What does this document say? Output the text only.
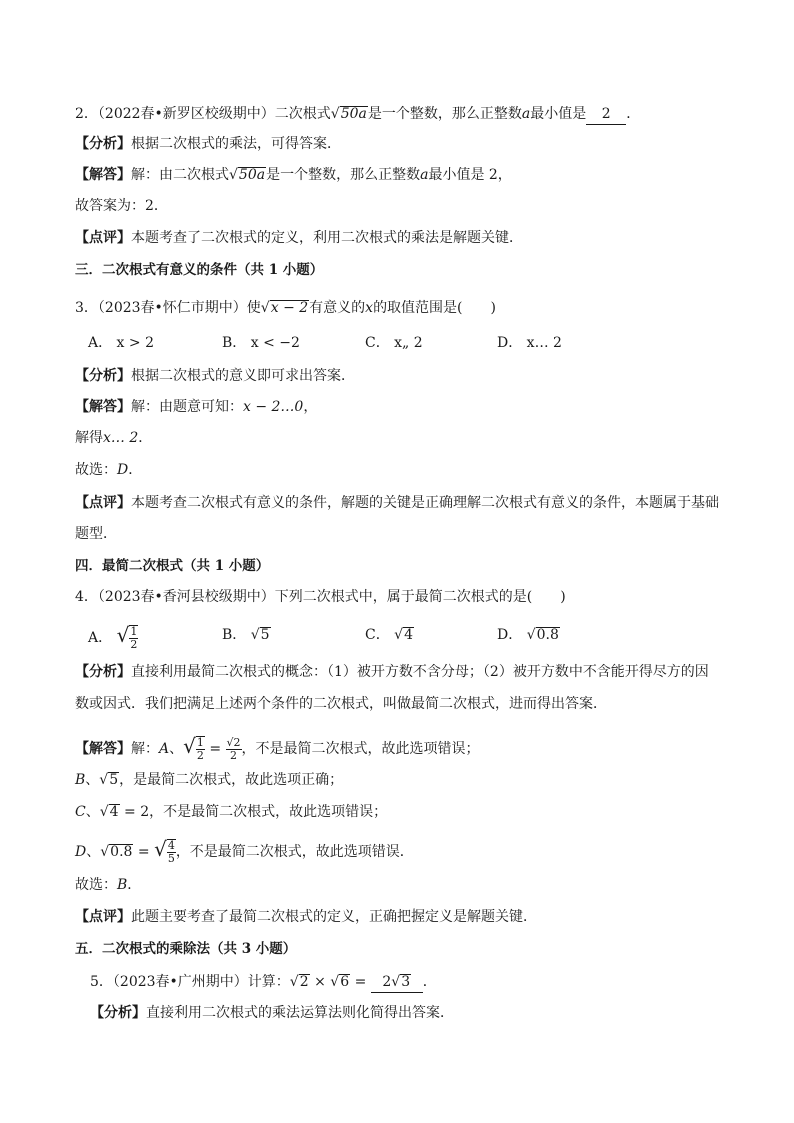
2．（2022春•新罗区校级期中）二次根式√50a是一个整数，那么正整数a最小值是 2 ．
【分析】根据二次根式的乘法，可得答案．
【解答】解：由二次根式√50a是一个整数，那么正整数a最小值是 2，
故答案为：2．
【点评】本题考查了二次根式的定义，利用二次根式的乘法是解题关键．
三．二次根式有意义的条件（共 1 小题）
3．（2023春•怀仁市期中）使√x − 2有意义的x的取值范围是(　　)
A． x > 2	B． x < −2	C． x„ 2	D． x… 2
【分析】根据二次根式的意义即可求出答案．
【解答】解：由题意可知：x − 2…0，
解得x… 2．
故选：D．
【点评】本题考查二次根式有意义的条件，解题的关键是正确理解二次根式有意义的条件，本题属于基础
题型．
四．最简二次根式（共 1 小题）
4．（2023春•香河县校级期中）下列二次根式中，属于最简二次根式的是(　　)
A． √ $\frac{1}{2}$	B． √5	C． √4	D． √0.8
【分析】直接利用最简二次根式的概念：（1）被开方数不含分母；（2）被开方数中不含能开得尽方的因
数或因式．我们把满足上述两个条件的二次根式，叫做最简二次根式，进而得出答案．
【解答】解：A、√ $\frac{1}{2} = \frac{√2}{2}$ ，不是最简二次根式，故此选项错误；
B、√5，是最简二次根式，故此选项正确；
C、√4 = 2，不是最简二次根式，故此选项错误；
D、√0.8 = √ $\frac{4}{5}$ ，不是最简二次根式，故此选项错误．
故选：B．
【点评】此题主要考查了最简二次根式的定义，正确把握定义是解题关键．
五．二次根式的乘除法（共 3 小题）
5．（2023春•广州期中）计算：√2 × √6 = 2√3 ．
【分析】直接利用二次根式的乘法运算法则化简得出答案．
